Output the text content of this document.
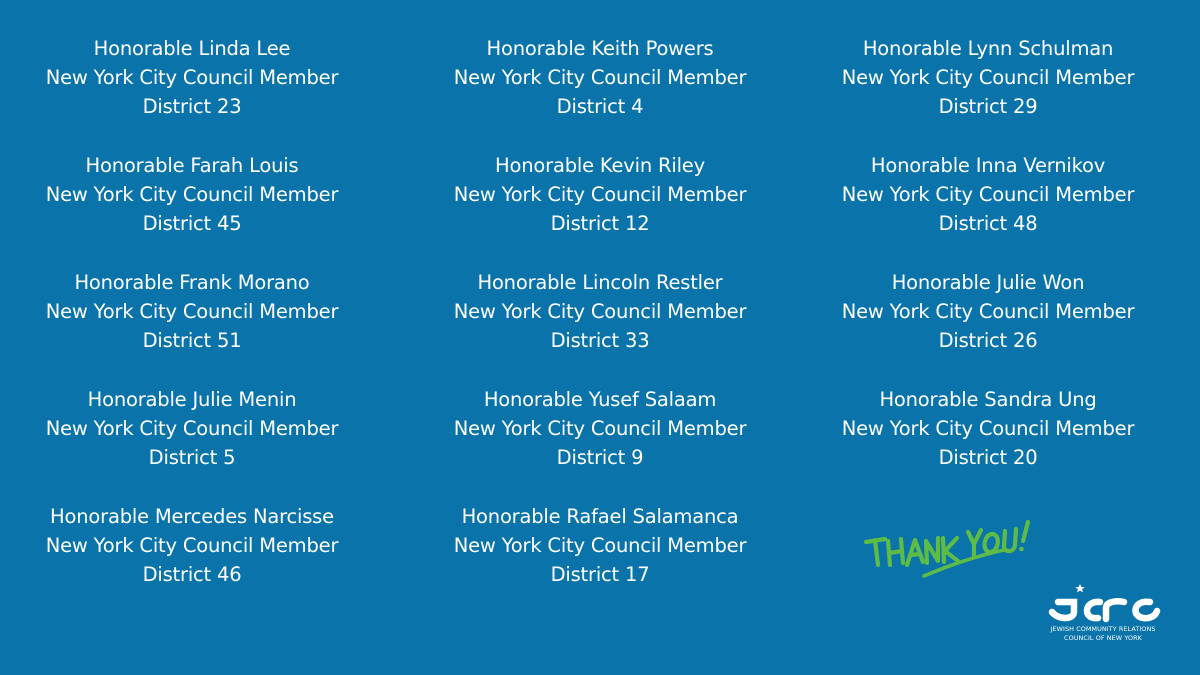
Honorable Linda Lee
New York City Council Member
District 23
Honorable Farah Louis
New York City Council Member
District 45
Honorable Frank Morano
New York City Council Member
District 51
Honorable Julie Menin
New York City Council Member
District 5
Honorable Mercedes Narcisse
New York City Council Member
District 46
Honorable Keith Powers
New York City Council Member
District 4
Honorable Kevin Riley
New York City Council Member
District 12
Honorable Lincoln Restler
New York City Council Member
District 33
Honorable Yusef Salaam
New York City Council Member
District 9
Honorable Rafael Salamanca
New York City Council Member
District 17
Honorable Lynn Schulman
New York City Council Member
District 29
Honorable Inna Vernikov
New York City Council Member
District 48
Honorable Julie Won
New York City Council Member
District 26
Honorable Sandra Ung
New York City Council Member
District 20
JEWISH COMMUNITY RELATIONS
COUNCIL OF NEW YORK
